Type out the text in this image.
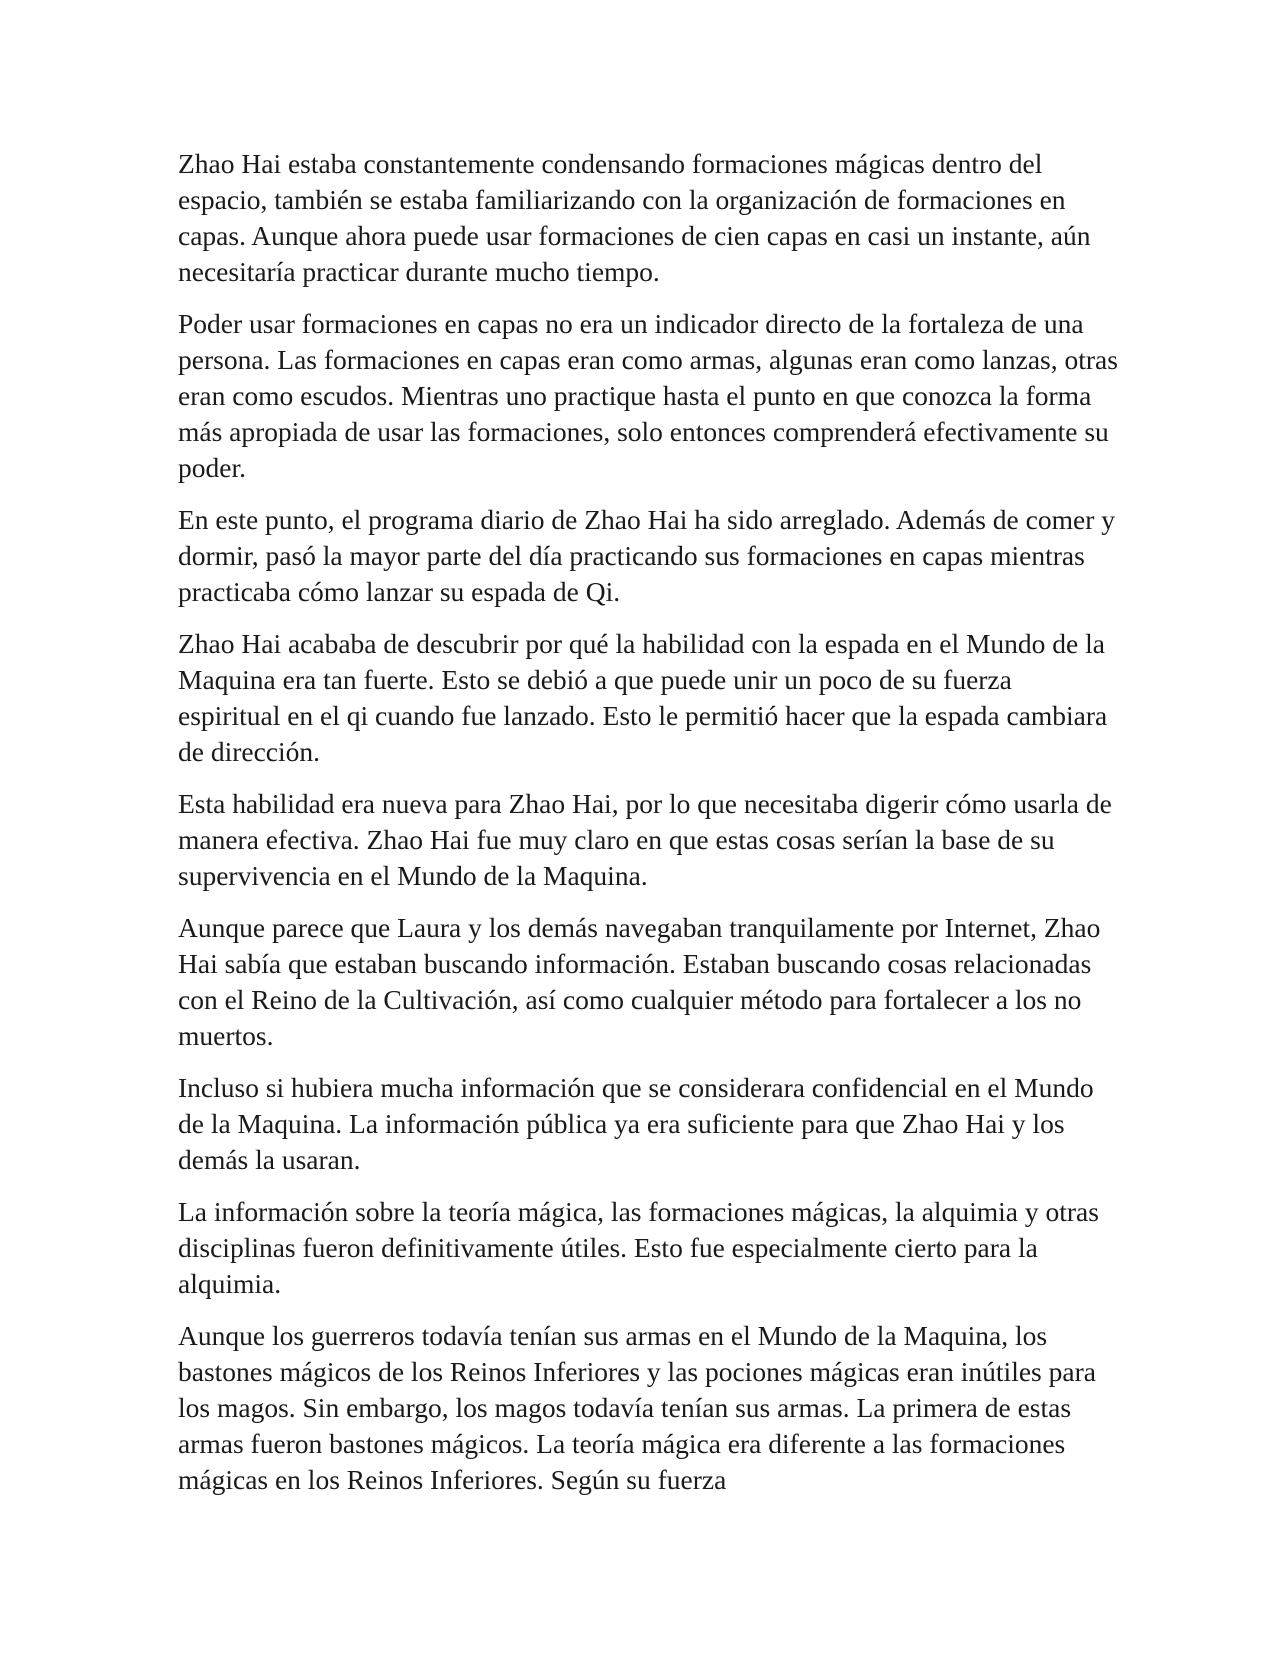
Zhao Hai estaba constantemente condensando formaciones mágicas dentro del espacio, también se estaba familiarizando con la organización de formaciones en capas. Aunque ahora puede usar formaciones de cien capas en casi un instante, aún necesitaría practicar durante mucho tiempo.

Poder usar formaciones en capas no era un indicador directo de la fortaleza de una persona. Las formaciones en capas eran como armas, algunas eran como lanzas, otras eran como escudos. Mientras uno practique hasta el punto en que conozca la forma más apropiada de usar las formaciones, solo entonces comprenderá efectivamente su poder.

En este punto, el programa diario de Zhao Hai ha sido arreglado. Además de comer y dormir, pasó la mayor parte del día practicando sus formaciones en capas mientras practicaba cómo lanzar su espada de Qi.

Zhao Hai acababa de descubrir por qué la habilidad con la espada en el Mundo de la Maquina era tan fuerte. Esto se debió a que puede unir un poco de su fuerza espiritual en el qi cuando fue lanzado. Esto le permitió hacer que la espada cambiara de dirección.

Esta habilidad era nueva para Zhao Hai, por lo que necesitaba digerir cómo usarla de manera efectiva. Zhao Hai fue muy claro en que estas cosas serían la base de su supervivencia en el Mundo de la Maquina.

Aunque parece que Laura y los demás navegaban tranquilamente por Internet, Zhao Hai sabía que estaban buscando información. Estaban buscando cosas relacionadas con el Reino de la Cultivación, así como cualquier método para fortalecer a los no muertos.

Incluso si hubiera mucha información que se considerara confidencial en el Mundo de la Maquina. La información pública ya era suficiente para que Zhao Hai y los demás la usaran.

La información sobre la teoría mágica, las formaciones mágicas, la alquimia y otras disciplinas fueron definitivamente útiles. Esto fue especialmente cierto para la alquimia.

Aunque los guerreros todavía tenían sus armas en el Mundo de la Maquina, los bastones mágicos de los Reinos Inferiores y las pociones mágicas eran inútiles para los magos. Sin embargo, los magos todavía tenían sus armas. La primera de estas armas fueron bastones mágicos. La teoría mágica era diferente a las formaciones mágicas en los Reinos Inferiores. Según su fuerza
